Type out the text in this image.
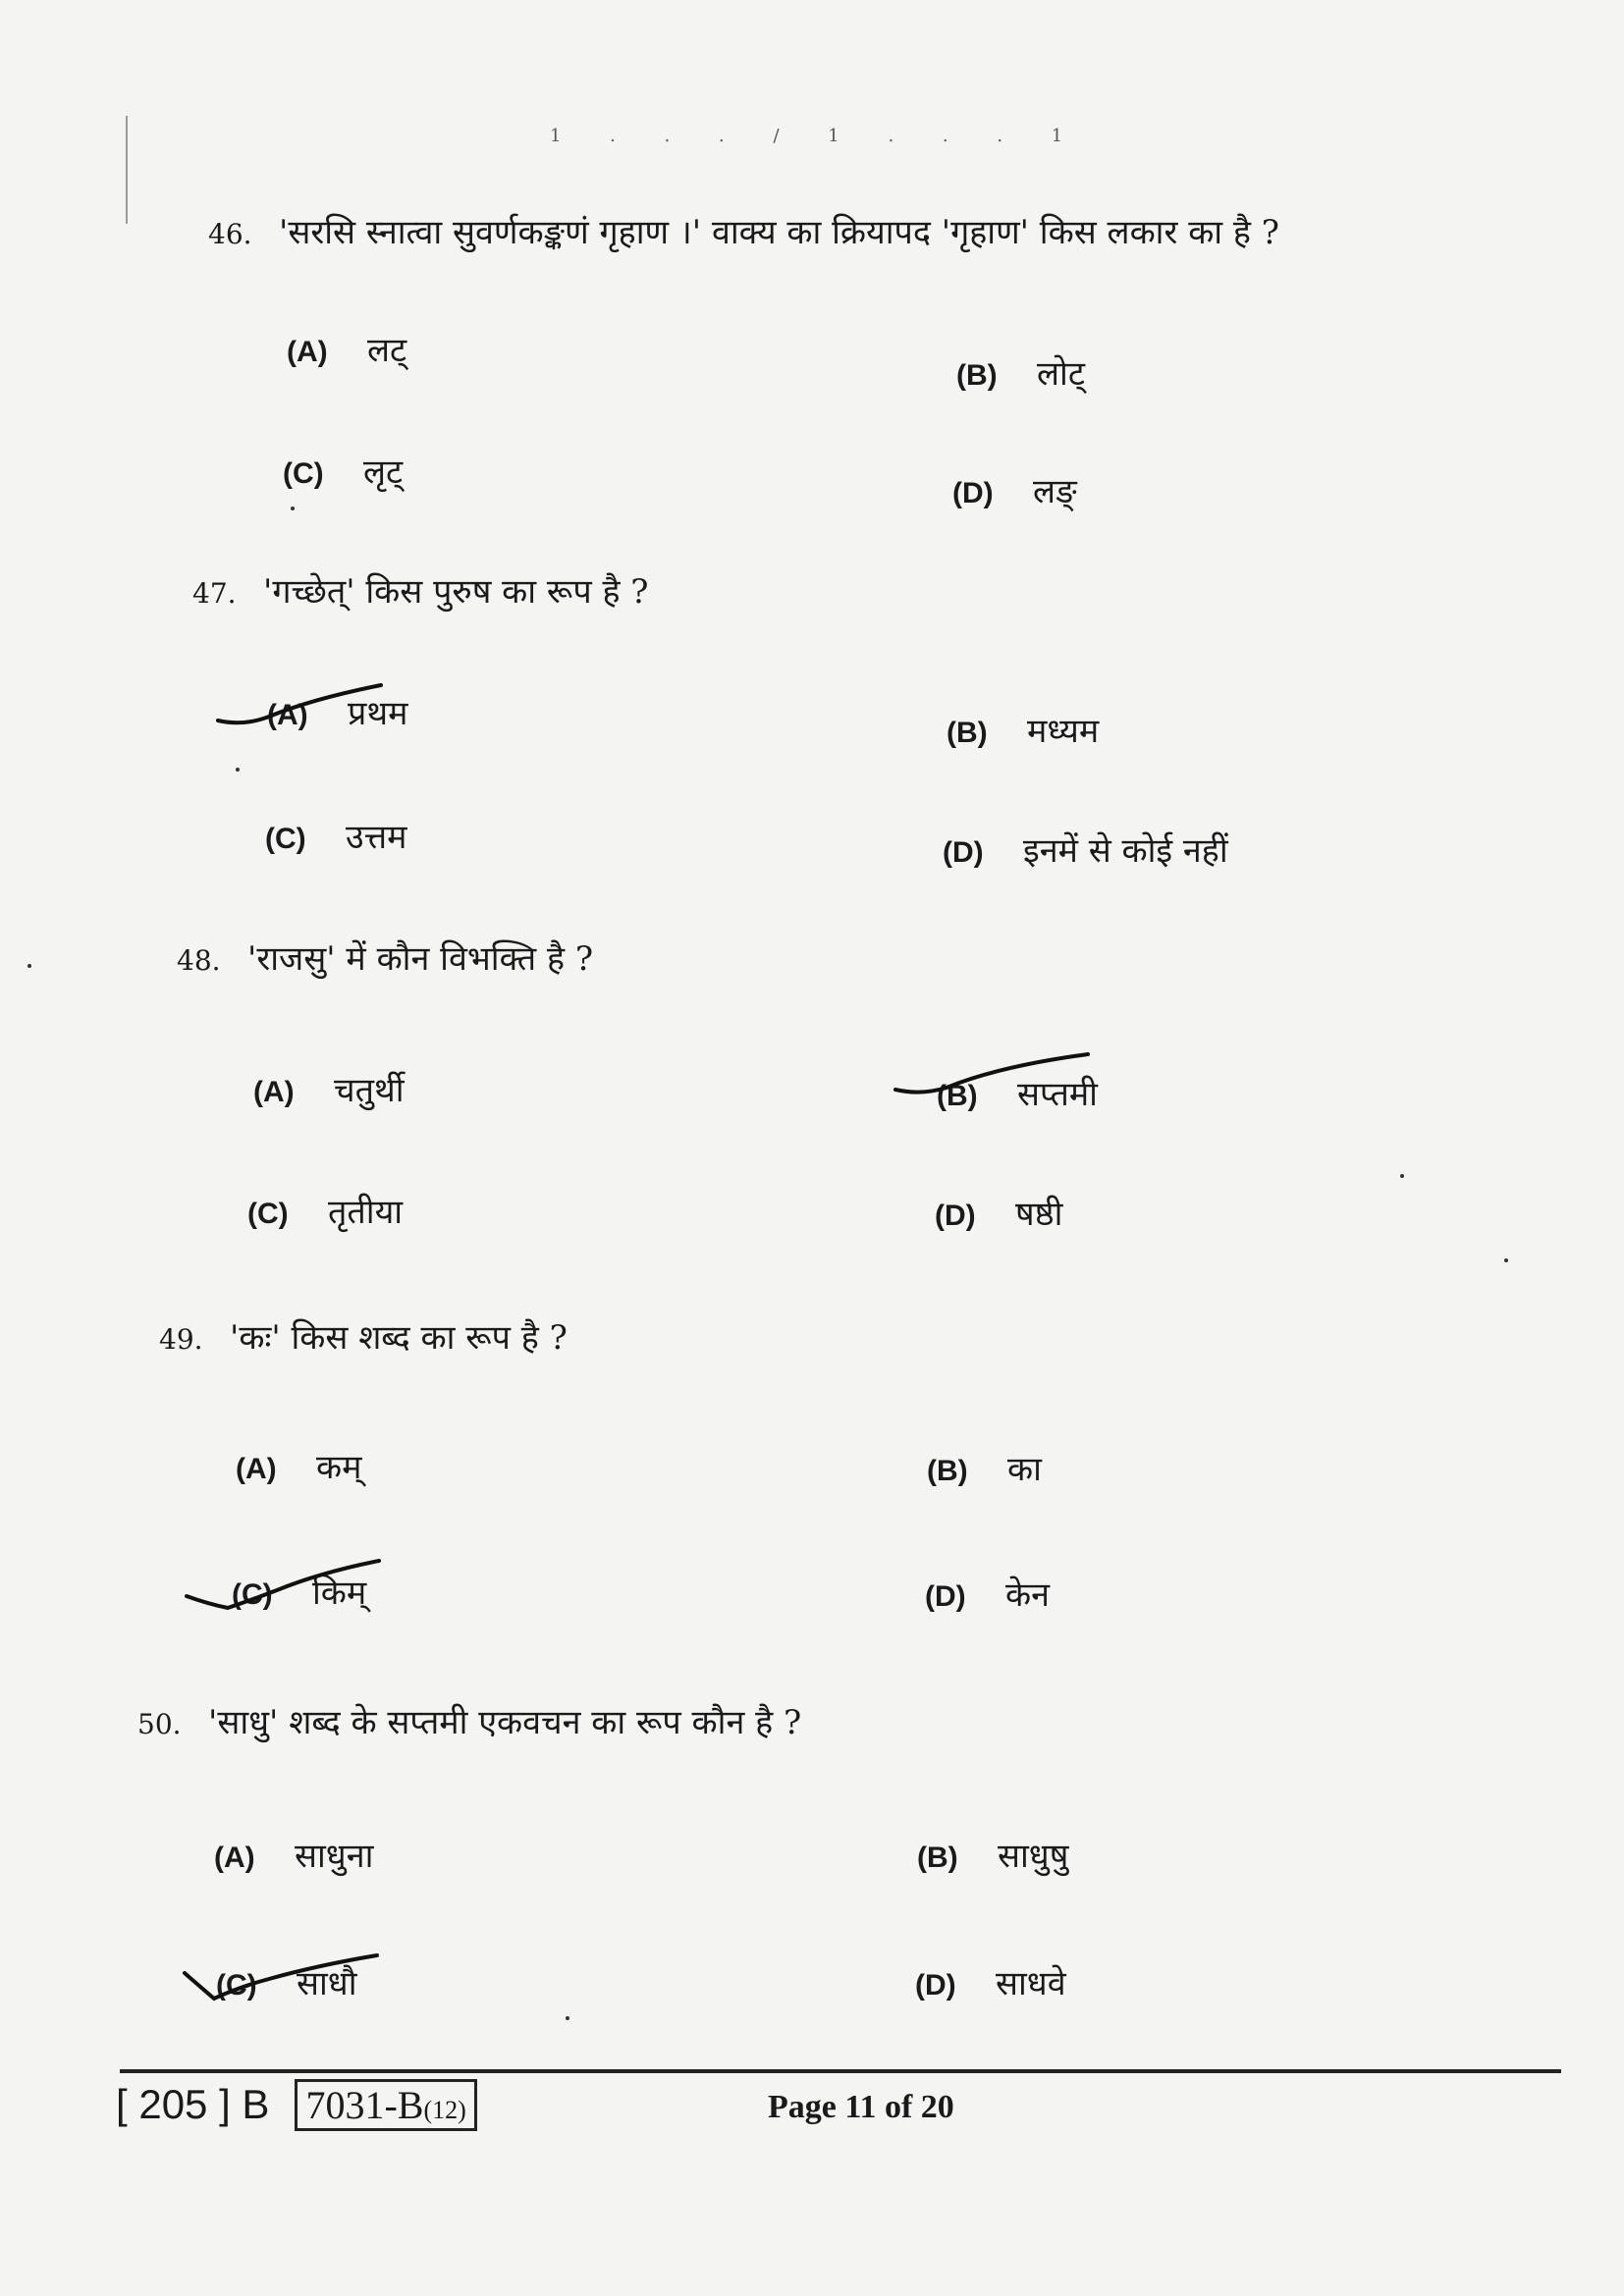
1 . . . / 1 . . . 1
46. 'सरसि स्नात्वा सुवर्णकङ्कणं गृहाण ।' वाक्य का क्रियापद 'गृहाण' किस लकार का है ?
(A) लट्
(B) लोट्
(C) लृट्
(D) लङ्
47. 'गच्छेत्' किस पुरुष का रूप है ?
(A) प्रथम	(B) मध्यम
(C) उत्तम	(D) इनमें से कोई नहीं
48. 'राजसु' में कौन विभक्ति है ?
(A) चतुर्थी	(B) सप्तमी
(C) तृतीया	(D) षष्ठी
49. 'कः' किस शब्द का रूप है ?
(A) कम्	(B) का
(C) किम्	(D) केन
50. 'साधु' शब्द के सप्तमी एकवचन का रूप कौन है ?
(A) साधुना	(B) साधुषु
(C) साधौ	(D) साधवे
[ 205 ] B 7031-B(12)	Page 11 of 20
